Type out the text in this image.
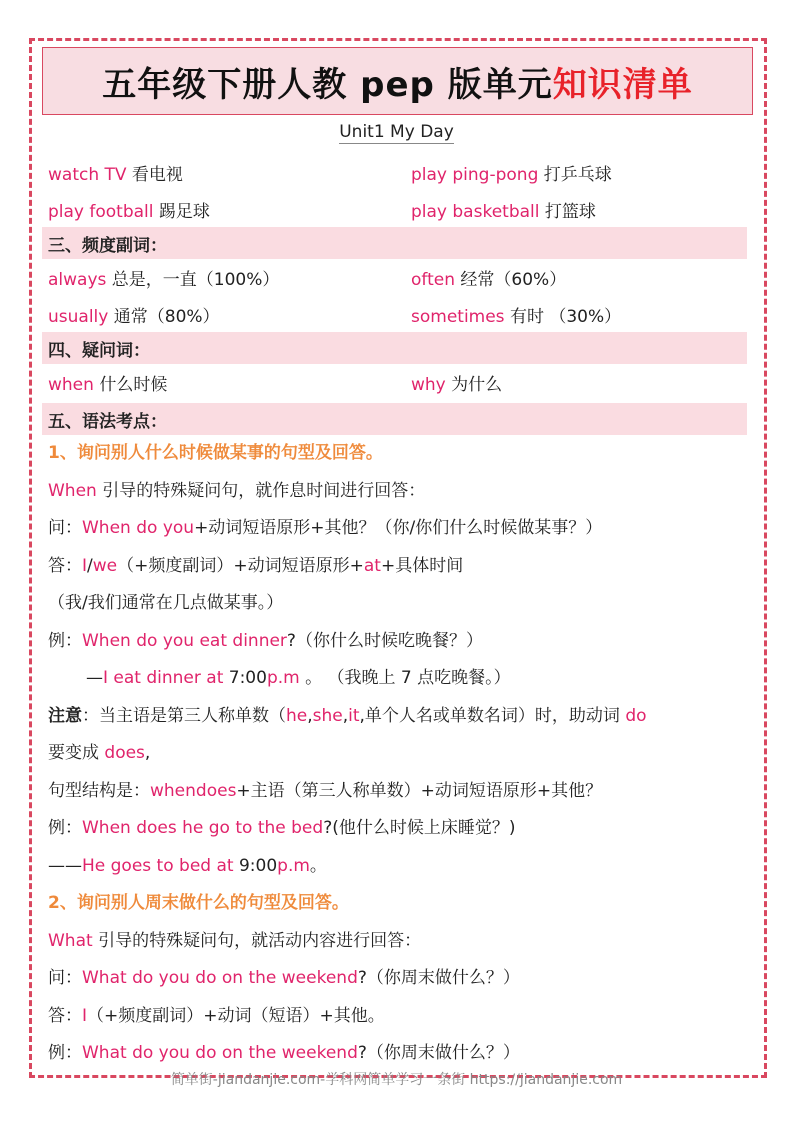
五年级下册人教 pep 版单元 知识清单
Unit1 My Day
watch TV 看电视	play ping-pong 打乒乓球
play football 踢足球	play basketball 打篮球
三、频度副词：
always 总是，一直（100%）	often 经常（60%）
usually 通常（80%）	sometimes 有时 （30%）
四、疑问词：
when 什么时候	why 为什么
五、语法考点：
1、询问别人什么时候做某事的句型及回答。
When 引导的特殊疑问句，就作息时间进行回答：
问：When do you+动词短语原形+其他？（你/你们什么时候做某事？）
答：I/we（+频度副词）+动词短语原形+at+具体时间
（我/我们通常在几点做某事。）
例：When do you eat dinner?（你什么时候吃晚餐？）
—I eat dinner at 7:00p.m 。 （我晚上 7 点吃晚餐。）
注意：当主语是第三人称单数（he,she,it,单个人名或单数名词）时，助动词 do
要变成 does,
句型结构是：whendoes+主语（第三人称单数）+动词短语原形+其他？
例：When does he go to the bed?(他什么时候上床睡觉？)
——He goes to bed at 9:00p.m。
2、询问别人周末做什么的句型及回答。
What 引导的特殊疑问句，就活动内容进行回答：
问：What do you do on the weekend?（你周末做什么？）
答：I（+频度副词）+动词（短语）+其他。
例：What do you do on the weekend?（你周末做什么？）
简单街-jiandanjie.com-学科网简单学习一条街 https://jiandanjie.com
